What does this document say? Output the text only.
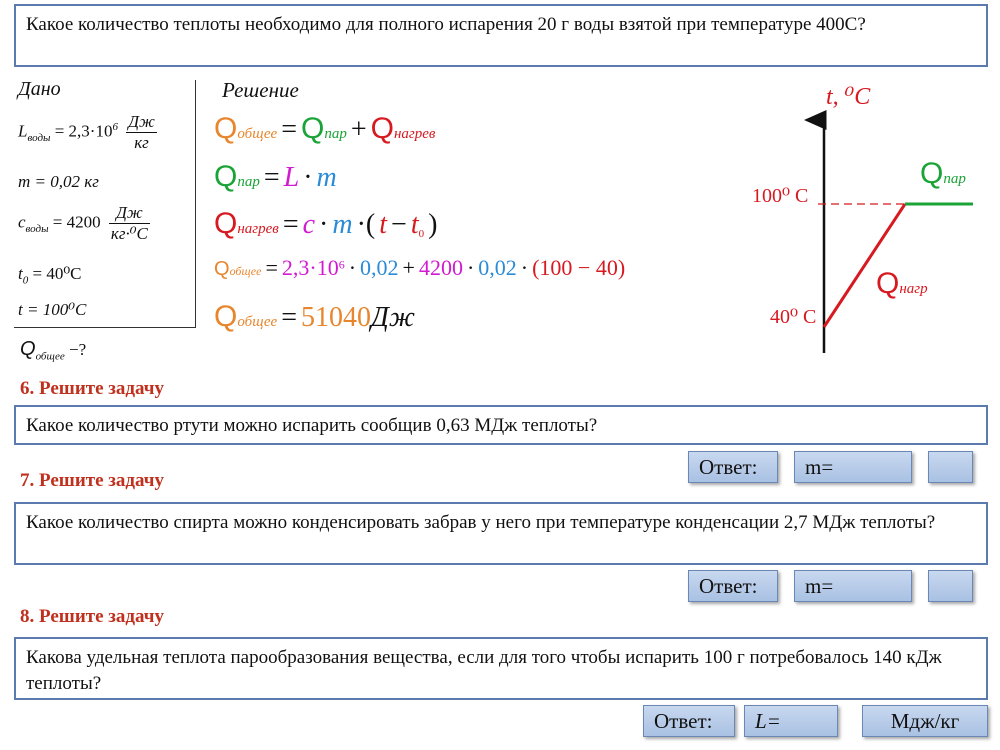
Какое количество теплоты необходимо для полного испарения 20 г воды взятой при температуре 400С?
Дано
$L_{воды} = 2,3\cdot 10^6 \frac{Дж}{кг}$
m = 0,02 кг
$c_{воды} = 4200 \frac{Дж}{\text{кг·⁰C}}$
$t_0 = 40^0C$
t = 100⁰C
$Q_{общее}$ −?
Решение
Qобщее = Qпар + Qнагрев
Qпар = L · m
Qнагрев = c · m ·( $t - t_0$ )
Qобщее = $2,3\cdot 10^6 \cdot 0,02 + 4200 \cdot 0,02 \cdot (100 - 40)$
Qобщее = 51040Дж
t, ⁰C
100⁰ C
40⁰ C
Qпар
Qнагр
6. Решите задачу
Какое количество ртути можно испарить сообщив 0,63 МДж теплоты?
Ответ:	m=
7. Решите задачу
Какое количество спирта можно конденсировать забрав у него при температуре конденсации 2,7 МДж теплоты?
Ответ:	m=
8. Решите задачу
Какова удельная теплота парообразования вещества, если для того чтобы испарить 100 г потребовалось 140 кДж теплоты?
Ответ:	L=	Мдж/кг
